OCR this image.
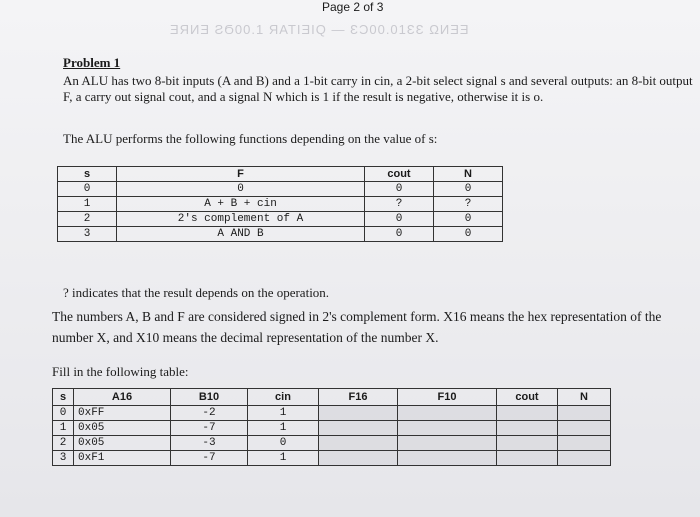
Page 2 of 3
ƎЯИƎ ƧϬ00.1 ЯATIƎIQ — ƐƆ00.01ƐƐ ΩИƎƎ
Problem 1
An ALU has two 8-bit inputs (A and B) and a 1-bit carry in cin, a 2-bit select signal s and several outputs: an 8-bit output F, a carry out signal cout, and a signal N which is 1 if the result is negative, otherwise it is o.
The ALU performs the following functions depending on the value of s:
s	F	cout	N
0	0	0	0
1	A + B + cin	?	?
2	2's complement of A	0	0
3	A AND B	0	0
? indicates that the result depends on the operation.
The numbers A, B and F are considered signed in 2's complement form. X16 means the hex representation of the number X, and X10 means the decimal representation of the number X.
Fill in the following table:
s	A16	B10	cin	F16	F10	cout	N
0	0xFF	-2	1				
1	0x05	-7	1				
2	0x05	-3	0				
3	0xF1	-7	1				
